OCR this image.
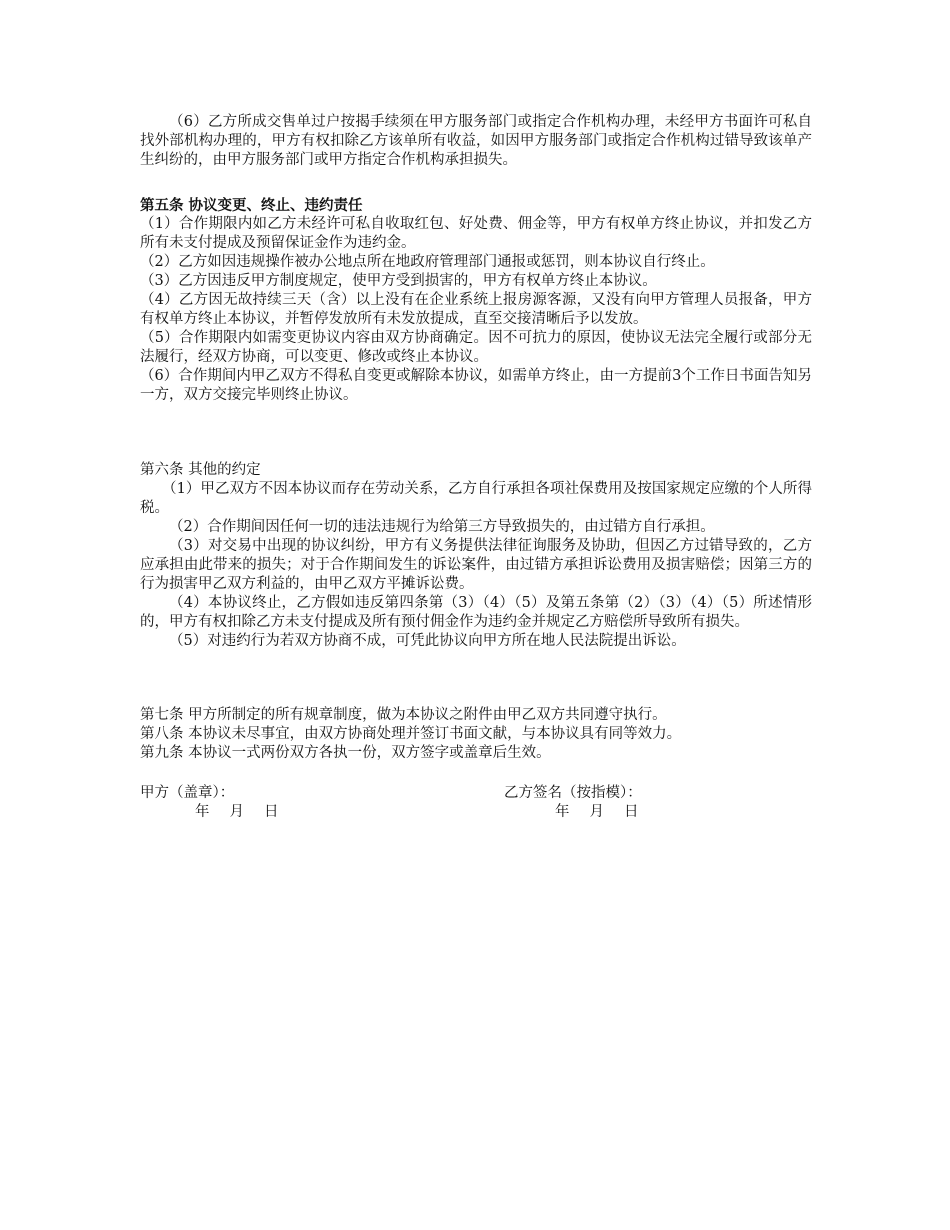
（6）乙方所成交售单过户按揭手续须在甲方服务部门或指定合作机构办理，未经甲方书面许可私自找外部机构办理的，甲方有权扣除乙方该单所有收益，如因甲方服务部门或指定合作机构过错导致该单产生纠纷的，由甲方服务部门或甲方指定合作机构承担损失。

第五条 协议变更、终止、违约责任

（1）合作期限内如乙方未经许可私自收取红包、好处费、佣金等，甲方有权单方终止协议，并扣发乙方所有未支付提成及预留保证金作为违约金。

（2）乙方如因违规操作被办公地点所在地政府管理部门通报或惩罚，则本协议自行终止。

（3）乙方因违反甲方制度规定，使甲方受到损害的，甲方有权单方终止本协议。

（4）乙方因无故持续三天（含）以上没有在企业系统上报房源客源，又没有向甲方管理人员报备，甲方有权单方终止本协议，并暂停发放所有未发放提成，直至交接清晰后予以发放。

（5）合作期限内如需变更协议内容由双方协商确定。因不可抗力的原因，使协议无法完全履行或部分无法履行，经双方协商，可以变更、修改或终止本协议。

（6）合作期间内甲乙双方不得私自变更或解除本协议，如需单方终止，由一方提前3个工作日书面告知另一方，双方交接完毕则终止协议。

第六条 其他的约定

（1）甲乙双方不因本协议而存在劳动关系，乙方自行承担各项社保费用及按国家规定应缴的个人所得税。

（2）合作期间因任何一切的违法违规行为给第三方导致损失的，由过错方自行承担。

（3）对交易中出现的协议纠纷，甲方有义务提供法律征询服务及协助，但因乙方过错导致的，乙方应承担由此带来的损失；对于合作期间发生的诉讼案件，由过错方承担诉讼费用及损害赔偿；因第三方的行为损害甲乙双方利益的，由甲乙双方平摊诉讼费。

（4）本协议终止，乙方假如违反第四条第（3）（4）（5）及第五条第（2）（3）（4）（5）所述情形的，甲方有权扣除乙方未支付提成及所有预付佣金作为违约金并规定乙方赔偿所导致所有损失。

（5）对违约行为若双方协商不成，可凭此协议向甲方所在地人民法院提出诉讼。

第七条 甲方所制定的所有规章制度，做为本协议之附件由甲乙双方共同遵守执行。

第八条 本协议未尽事宜，由双方协商处理并签订书面文献，与本协议具有同等效力。

第九条 本协议一式两份双方各执一份，双方签字或盖章后生效。

甲方（盖章）：	乙方签名（按指模）：
年 月 日	年 月 日
